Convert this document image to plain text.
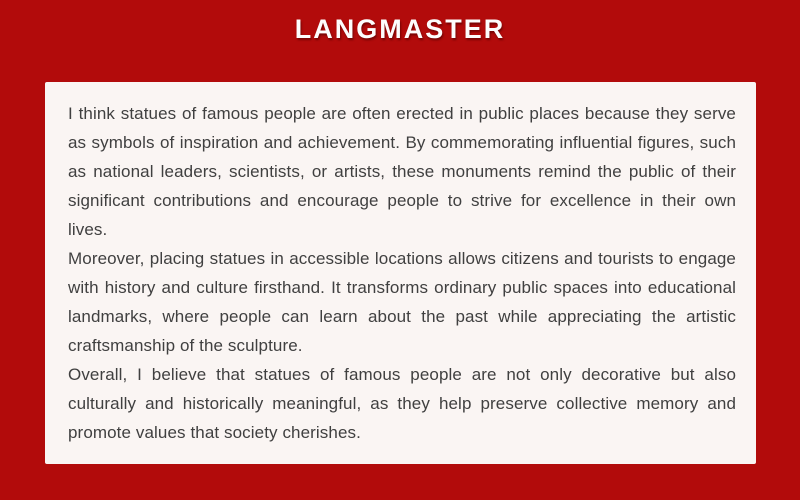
LANGMASTER

I think statues of famous people are often erected in public places because they serve as symbols of inspiration and achievement. By commemorating influential figures, such as national leaders, scientists, or artists, these monuments remind the public of their significant contributions and encourage people to strive for excellence in their own lives.

Moreover, placing statues in accessible locations allows citizens and tourists to engage with history and culture firsthand. It transforms ordinary public spaces into educational landmarks, where people can learn about the past while appreciating the artistic craftsmanship of the sculpture.

Overall, I believe that statues of famous people are not only decorative but also culturally and historically meaningful, as they help preserve collective memory and promote values that society cherishes.
